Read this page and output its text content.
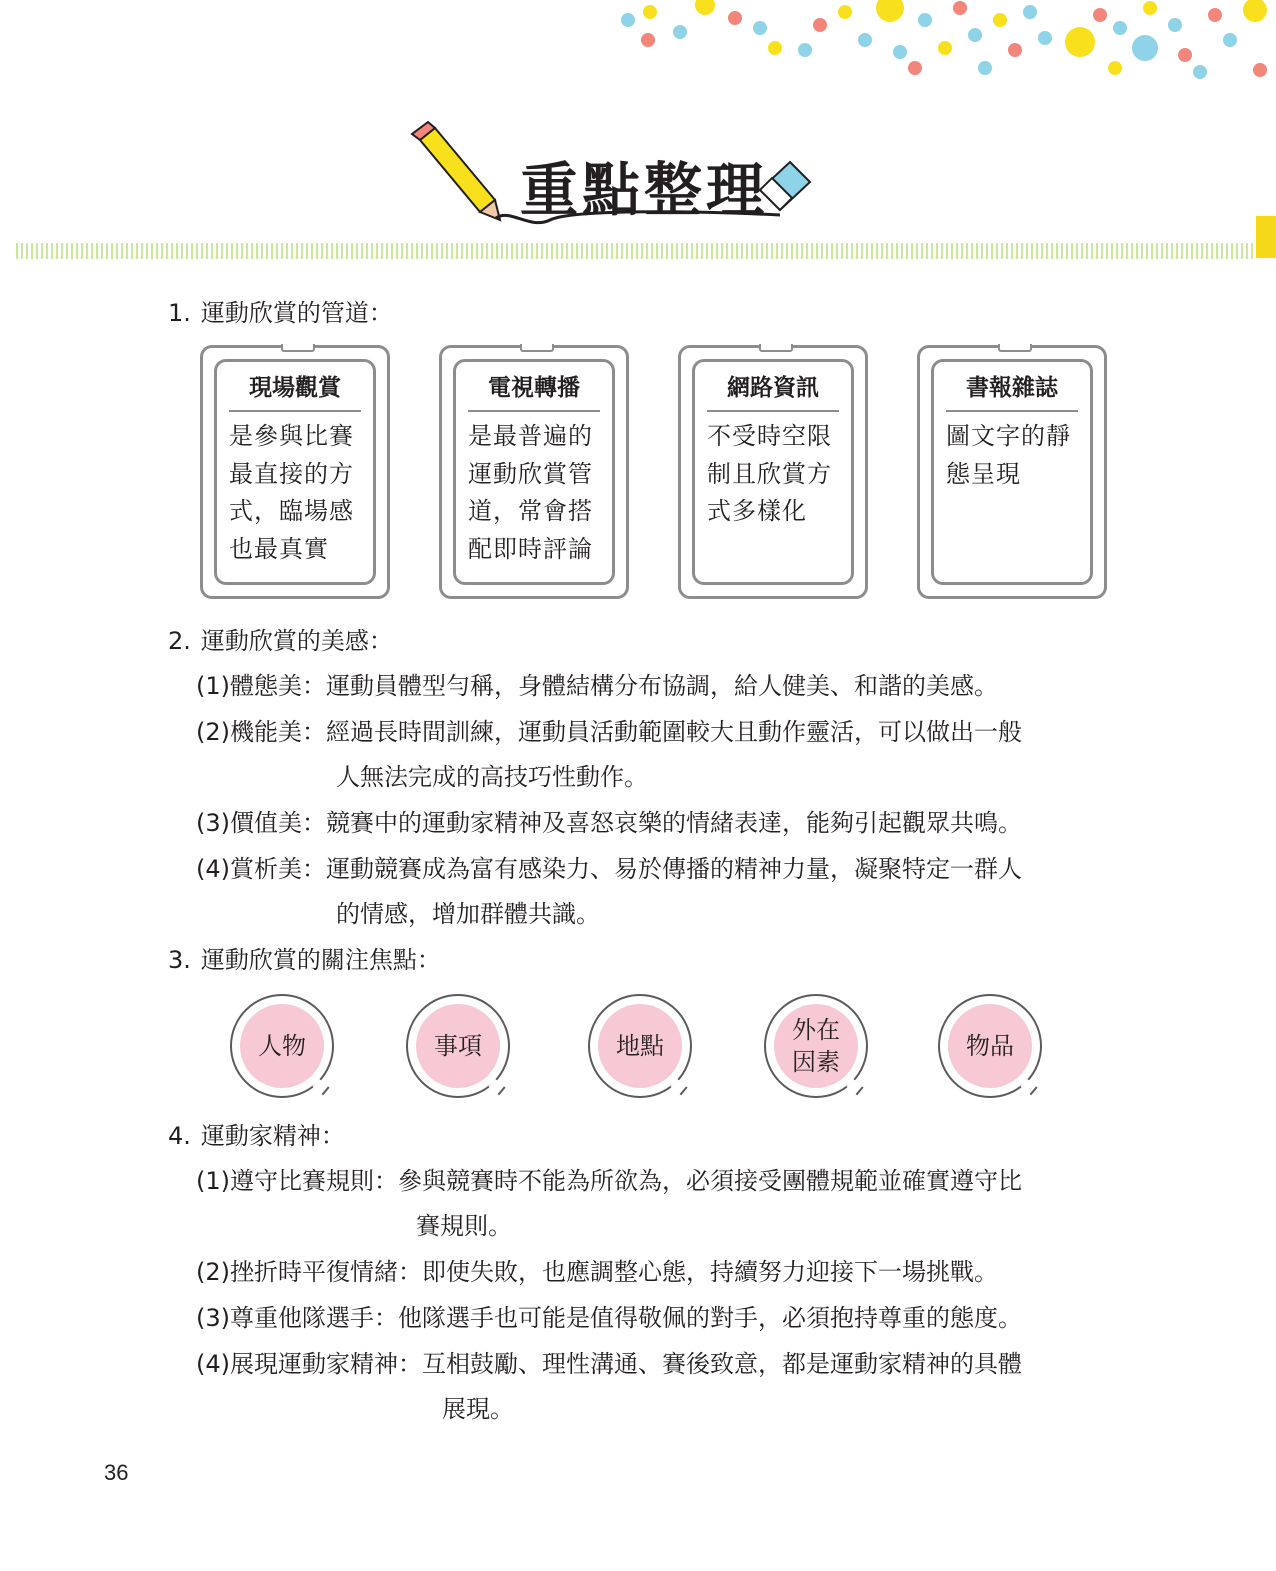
重點整理
1. 運動欣賞的管道：
現場觀賞
是參與比賽
最直接的方
式，臨場感
也最真實
電視轉播
是最普遍的
運動欣賞管
道，常會搭
配即時評論
網路資訊
不受時空限
制且欣賞方
式多樣化
書報雜誌
圖文字的靜
態呈現
2. 運動欣賞的美感：
(1)體態美：運動員體型勻稱，身體結構分布協調，給人健美、和諧的美感。
(2)機能美：經過長時間訓練，運動員活動範圍較大且動作靈活，可以做出一般
人無法完成的高技巧性動作。
(3)價值美：競賽中的運動家精神及喜怒哀樂的情緒表達，能夠引起觀眾共鳴。
(4)賞析美：運動競賽成為富有感染力、易於傳播的精神力量，凝聚特定一群人
的情感，增加群體共識。
3. 運動欣賞的關注焦點：
人物	事項	地點
外在
因素
物品
4. 運動家精神：
(1)遵守比賽規則：參與競賽時不能為所欲為，必須接受團體規範並確實遵守比
賽規則。
(2)挫折時平復情緒：即使失敗，也應調整心態，持續努力迎接下一場挑戰。
(3)尊重他隊選手：他隊選手也可能是值得敬佩的對手，必須抱持尊重的態度。
(4)展現運動家精神：互相鼓勵、理性溝通、賽後致意，都是運動家精神的具體
展現。
36
